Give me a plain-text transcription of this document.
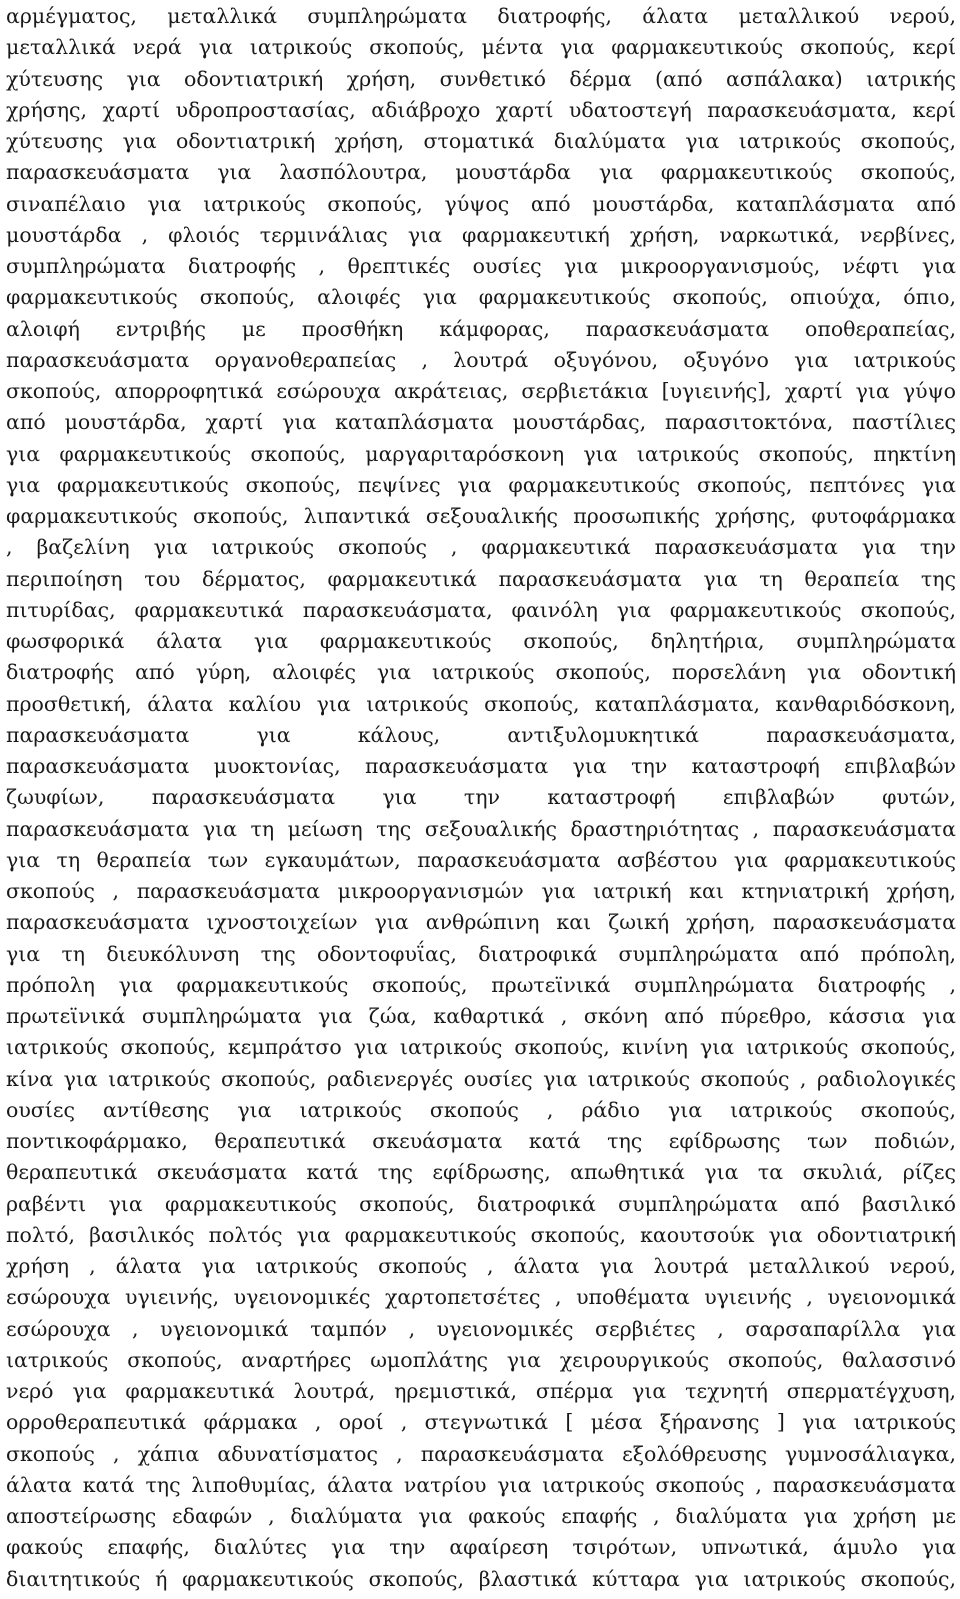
αρμέγματος, μεταλλικά συμπληρώματα διατροφής, άλατα μεταλλικού νερού,
μεταλλικά νερά για ιατρικούς σκοπούς, μέντα για φαρμακευτικούς σκοπούς, κερί
χύτευσης για οδοντιατρική χρήση, συνθετικό δέρμα (από ασπάλακα) ιατρικής
χρήσης, χαρτί υδροπροστασίας, αδιάβροχο χαρτί υδατοστεγή παρασκευάσματα, κερί
χύτευσης για οδοντιατρική χρήση, στοματικά διαλύματα για ιατρικούς σκοπούς,
παρασκευάσματα για λασπόλουτρα, μουστάρδα για φαρμακευτικούς σκοπούς,
σιναπέλαιο για ιατρικούς σκοπούς, γύψος από μουστάρδα, καταπλάσματα από
μουστάρδα , φλοιός τερμινάλιας για φαρμακευτική χρήση, ναρκωτικά, νερβίνες,
συμπληρώματα διατροφής , θρεπτικές ουσίες για μικροοργανισμούς, νέφτι για
φαρμακευτικούς σκοπούς, αλοιφές για φαρμακευτικούς σκοπούς, οπιούχα, όπιο,
αλοιφή εντριβής με προσθήκη κάμφορας, παρασκευάσματα οποθεραπείας,
παρασκευάσματα οργανοθεραπείας , λουτρά οξυγόνου, οξυγόνο για ιατρικούς
σκοπούς, απορροφητικά εσώρουχα ακράτειας, σερβιετάκια [υγιεινής], χαρτί για γύψο
από μουστάρδα, χαρτί για καταπλάσματα μουστάρδας, παρασιτοκτόνα, παστίλιες
για φαρμακευτικούς σκοπούς, μαργαριταρόσκονη για ιατρικούς σκοπούς, πηκτίνη
για φαρμακευτικούς σκοπούς, πεψίνες για φαρμακευτικούς σκοπούς, πεπτόνες για
φαρμακευτικούς σκοπούς, λιπαντικά σεξουαλικής προσωπικής χρήσης, φυτοφάρμακα
, βαζελίνη για ιατρικούς σκοπούς , φαρμακευτικά παρασκευάσματα για την
περιποίηση του δέρματος, φαρμακευτικά παρασκευάσματα για τη θεραπεία της
πιτυρίδας, φαρμακευτικά παρασκευάσματα, φαινόλη για φαρμακευτικούς σκοπούς,
φωσφορικά άλατα για φαρμακευτικούς σκοπούς, δηλητήρια, συμπληρώματα
διατροφής από γύρη, αλοιφές για ιατρικούς σκοπούς, πορσελάνη για οδοντική
προσθετική, άλατα καλίου για ιατρικούς σκοπούς, καταπλάσματα, κανθαριδόσκονη,
παρασκευάσματα για κάλους, αντιξυλομυκητικά παρασκευάσματα,
παρασκευάσματα μυοκτονίας, παρασκευάσματα για την καταστροφή επιβλαβών
ζωυφίων, παρασκευάσματα για την καταστροφή επιβλαβών φυτών,
παρασκευάσματα για τη μείωση της σεξουαλικής δραστηριότητας , παρασκευάσματα
για τη θεραπεία των εγκαυμάτων, παρασκευάσματα ασβέστου για φαρμακευτικούς
σκοπούς , παρασκευάσματα μικροοργανισμών για ιατρική και κτηνιατρική χρήση,
παρασκευάσματα ιχνοστοιχείων για ανθρώπινη και ζωική χρήση, παρασκευάσματα
για τη διευκόλυνση της οδοντοφυΐας, διατροφικά συμπληρώματα από πρόπολη,
πρόπολη για φαρμακευτικούς σκοπούς, πρωτεϊνικά συμπληρώματα διατροφής ,
πρωτεϊνικά συμπληρώματα για ζώα, καθαρτικά , σκόνη από πύρεθρο, κάσσια για
ιατρικούς σκοπούς, κεμπράτσο για ιατρικούς σκοπούς, κινίνη για ιατρικούς σκοπούς,
κίνα για ιατρικούς σκοπούς, ραδιενεργές ουσίες για ιατρικούς σκοπούς , ραδιολογικές
ουσίες αντίθεσης για ιατρικούς σκοπούς , ράδιο για ιατρικούς σκοπούς,
ποντικοφάρμακο, θεραπευτικά σκευάσματα κατά της εφίδρωσης των ποδιών,
θεραπευτικά σκευάσματα κατά της εφίδρωσης, απωθητικά για τα σκυλιά, ρίζες
ραβέντι για φαρμακευτικούς σκοπούς, διατροφικά συμπληρώματα από βασιλικό
πολτό, βασιλικός πολτός για φαρμακευτικούς σκοπούς, καουτσούκ για οδοντιατρική
χρήση , άλατα για ιατρικούς σκοπούς , άλατα για λουτρά μεταλλικού νερού,
εσώρουχα υγιεινής, υγειονομικές χαρτοπετσέτες , υποθέματα υγιεινής , υγειονομικά
εσώρουχα , υγειονομικά ταμπόν , υγειονομικές σερβιέτες , σαρσαπαρίλλα για
ιατρικούς σκοπούς, αναρτήρες ωμοπλάτης για χειρουργικούς σκοπούς, θαλασσινό
νερό για φαρμακευτικά λουτρά, ηρεμιστικά, σπέρμα για τεχνητή σπερματέγχυση,
ορροθεραπευτικά φάρμακα , οροί , στεγνωτικά [ μέσα ξήρανσης ] για ιατρικούς
σκοπούς , χάπια αδυνατίσματος , παρασκευάσματα εξολόθρευσης γυμνοσάλιαγκα,
άλατα κατά της λιποθυμίας, άλατα νατρίου για ιατρικούς σκοπούς , παρασκευάσματα
αποστείρωσης εδαφών , διαλύματα για φακούς επαφής , διαλύματα για χρήση με
φακούς επαφής, διαλύτες για την αφαίρεση τσιρότων, υπνωτικά, άμυλο για
διαιτητικούς ή φαρμακευτικούς σκοπούς, βλαστικά κύτταρα για ιατρικούς σκοπούς,
